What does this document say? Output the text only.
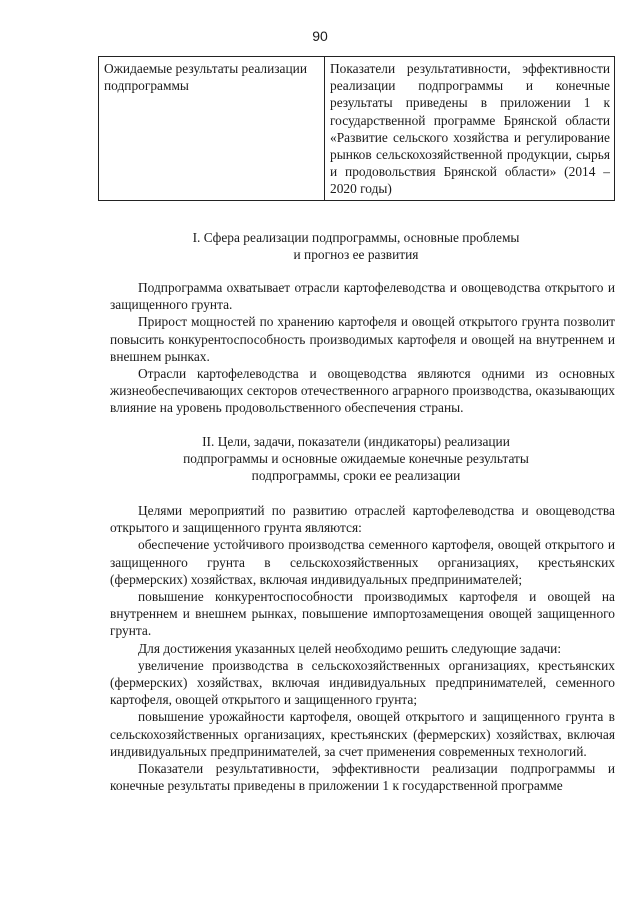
90
Ожидаемые результаты реализации подпрограммы	Показатели результативности, эффективности реализации подпрограммы и конечные результаты приведены в приложении 1 к государственной программе Брянской области «Развитие сельского хозяйства и регулирование рынков сельскохозяйственной продукции, сырья и продовольствия Брянской области» (2014 – 2020 годы)
I. Сфера реализации подпрограммы, основные проблемы
и прогноз ее развития

Подпрограмма охватывает отрасли картофелеводства и овощеводства открытого и защищенного грунта.

Прирост мощностей по хранению картофеля и овощей открытого грунта позволит повысить конкурентоспособность производимых картофеля и овощей на внутреннем и внешнем рынках.

Отрасли картофелеводства и овощеводства являются одними из основных жизнеобеспечивающих секторов отечественного аграрного производства, оказывающих влияние на уровень продовольственного обеспечения страны.

II. Цели, задачи, показатели (индикаторы) реализации
подпрограммы и основные ожидаемые конечные результаты
подпрограммы, сроки ее реализации

Целями мероприятий по развитию отраслей картофелеводства и овощеводства открытого и защищенного грунта являются:

обеспечение устойчивого производства семенного картофеля, овощей открытого и защищенного грунта в сельскохозяйственных организациях, крестьянских (фермерских) хозяйствах, включая индивидуальных предпринимателей;

повышение конкурентоспособности производимых картофеля и овощей на внутреннем и внешнем рынках, повышение импортозамещения овощей защищенного грунта.

Для достижения указанных целей необходимо решить следующие задачи:

увеличение производства в сельскохозяйственных организациях, крестьянских (фермерских) хозяйствах, включая индивидуальных предпринимателей, семенного картофеля, овощей открытого и защищенного грунта;

повышение урожайности картофеля, овощей открытого и защищенного грунта в сельскохозяйственных организациях, крестьянских (фермерских) хозяйствах, включая индивидуальных предпринимателей, за счет применения современных технологий.

Показатели результативности, эффективности реализации подпрограммы и конечные результаты приведены в приложении 1 к государственной программе
